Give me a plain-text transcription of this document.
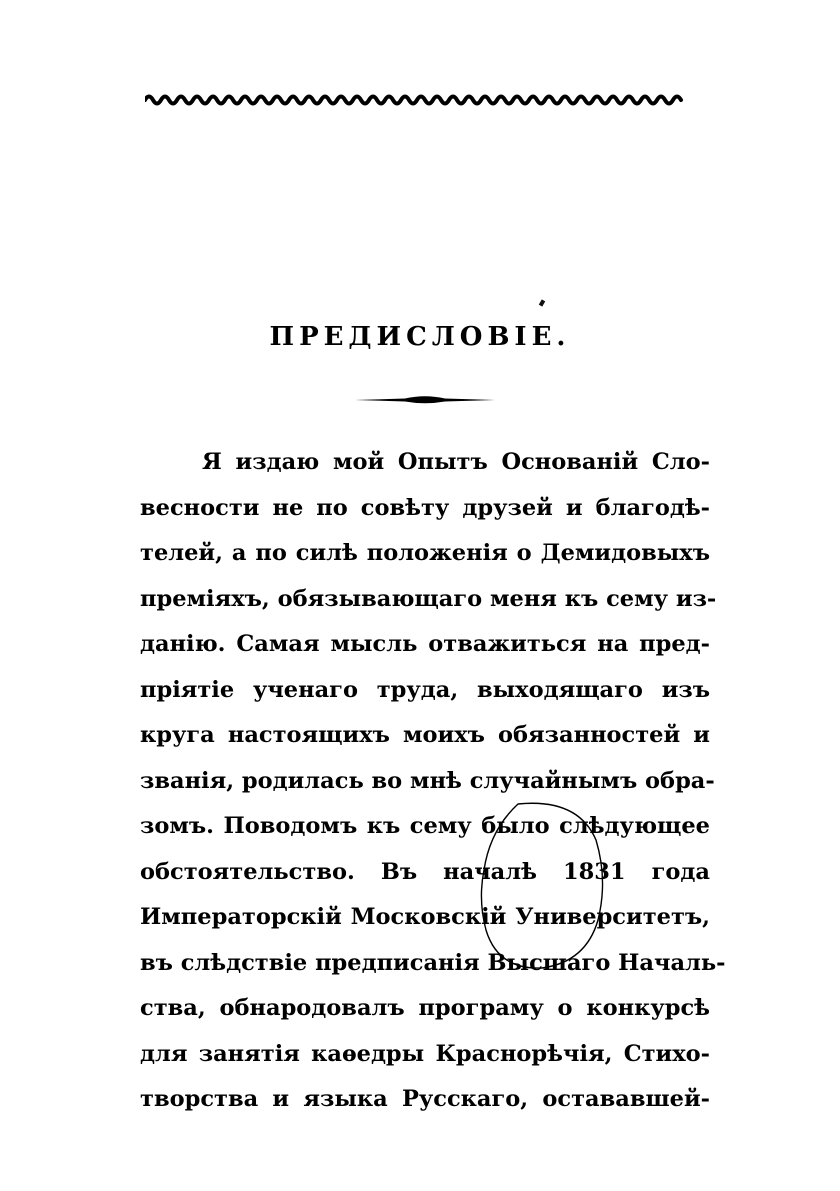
ПРЕДИСЛОВІЕ.
Я издаю мой Опытъ Основаній Сло-
весности не по совѣту друзей и благодѣ-
телей, а по силѣ положенія о Демидовыхъ
преміяхъ, обязывающаго меня къ сему из-
данію. Самая мысль отважиться на пред-
пріятіе ученаго труда, выходящаго изъ
круга настоящихъ моихъ обязанностей и
званія, родилась во мнѣ случайнымъ обра-
зомъ. Поводомъ къ сему было слѣдующее
обстоятельство. Въ началѣ 1831 года
Императорскій Московскій Университетъ,
въ слѣдствіе предписанія Высшаго Началь-
ства, обнародовалъ програму о конкурсѣ
для занятія каѳедры Краснорѣчія, Стихо-
творства и языка Русскаго, остававшей-
